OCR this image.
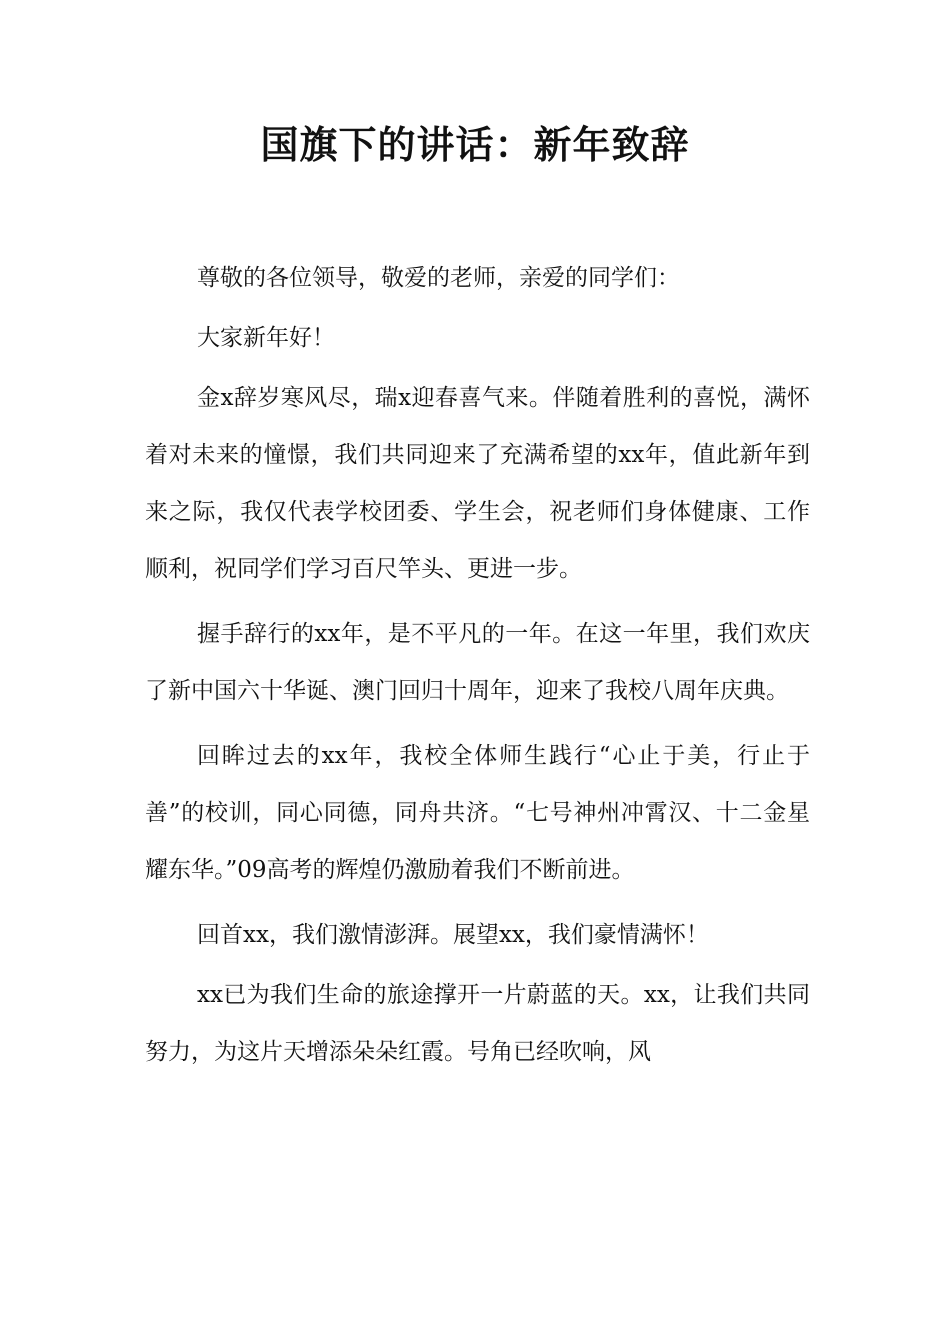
国旗下的讲话：新年致辞

尊敬的各位领导，敬爱的老师，亲爱的同学们：

大家新年好！

金x辞岁寒风尽，瑞x迎春喜气来。伴随着胜利的喜悦，满怀着对未来的憧憬，我们共同迎来了充满希望的xx年，值此新年到来之际，我仅代表学校团委、学生会，祝老师们身体健康、工作顺利，祝同学们学习百尺竿头、更进一步。

握手辞行的xx年，是不平凡的一年。在这一年里，我们欢庆了新中国六十华诞、澳门回归十周年，迎来了我校八周年庆典。

回眸过去的xx年，我校全体师生践行“心止于美，行止于善”的校训，同心同德，同舟共济。“七号神州冲霄汉、十二金星耀东华。”09高考的辉煌仍激励着我们不断前进。

回首xx，我们激情澎湃。展望xx，我们豪情满怀！

xx已为我们生命的旅途撑开一片蔚蓝的天。xx，让我们共同努力，为这片天增添朵朵红霞。号角已经吹响，风
